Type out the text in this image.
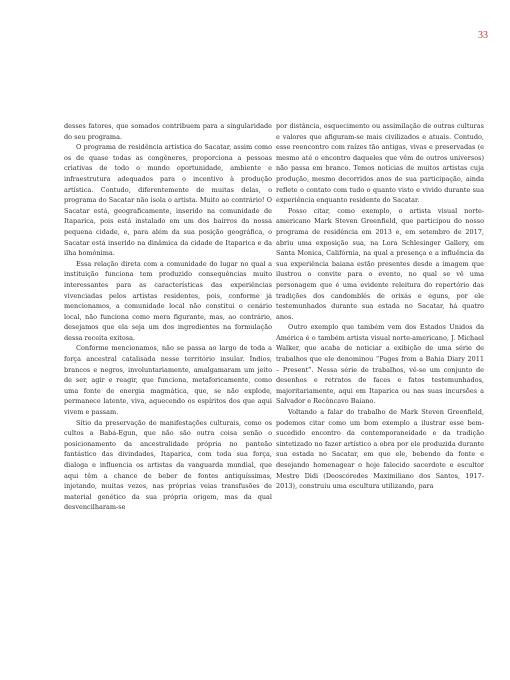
33

desses fatores, que somados contribuem para a singularidade do seu programa.

O programa de residência artística do Sacatar, assim como os de quase todas as congêneres, proporciona a pessoas criativas de todo o mundo oportunidade, ambiente e infraestrutura adequados para o incentivo à produção artística. Contudo, diferentemente de muitas delas, o programa do Sacatar não isola o artista. Muito ao contrário! O Sacatar está, geograficamente, inserido na comunidade de Itaparica, pois está instalado em um dos bairros da nossa pequena cidade, e, para além da sua posição geográfica, o Sacatar está inserido na dinâmica da cidade de Itaparica e da ilha homônima.

Essa relação direta com a comunidade do lugar no qual a instituição funciona tem produzido consequências muito interessantes para as características das experiências vivenciadas pelos artistas residentes, pois, conforme já mencionamos, a comunidade local não constitui o cenário local, não funciona como mera figurante, mas, ao contrário, desejamos que ela seja um dos ingredientes na formulação dessa receita exitosa.

Conforme mencionamos, não se passa ao largo de toda a força ancestral catalisada nesse território insular. Índios, brancos e negros, involuntariamente, amalgamaram um jeito de ser, agir e reagir, que funciona, metaforicamente, como uma fonte de energia magmática, que, se não explode, permanece latente, viva, aquecendo os espíritos dos que aqui vivem e passam.

Sítio da preservação de manifestações culturais, como os cultos a Babá-Egun, que não são outra coisa senão o posicionamento da ancestralidade própria no panteão fantástico das divindades, Itaparica, com toda sua força, dialoga e influencia os artistas da vanguarda mundial, que aqui têm a chance de beber de fontes antiquíssimas, injetando, muitas vezes, nas próprias veias transfusões de material genético da sua própria origem, mas da qual desvencilharam-se

por distância, esquecimento ou assimilação de outras culturas e valores que afiguram-se mais civilizados e atuais. Contudo, esse reencontro com raízes tão antigas, vivas e preservadas (e mesmo até o encontro daqueles que vêm de outros universos) não passa em branco. Temos notícias de muitos artistas cuja produção, mesmo decorridos anos de sua participação, ainda reflete o contato com tudo o quanto visto e vivido durante sua experiência enquanto residente do Sacatar.

Posso citar, como exemplo, o artista visual norte-americano Mark Steven Greenfield, que participou do nosso programa de residência em 2013 e, em setembro de 2017, abriu uma exposição sua, na Lora Schlesinger Gallery, em Santa Monica, Califórnia, na qual a presença e a influência da sua experiência baiana estão presentes desde a imagem que ilustrou o convite para o evento, no qual se vê uma personagem que é uma evidente releitura do repertório das tradições dos candomblés de orixás e eguns, por ele testemunhados durante sua estada no Sacatar, há quatro anos.

Outro exemplo que também vem dos Estados Unidos da América é o também artista visual norte-americano, J. Michael Walker, que acaba de noticiar a exibição de uma série de trabalhos que ele denominou “Pages from a Bahia Diary 2011 – Present”. Nessa série de trabalhos, vê-se um conjunto de desenhos e retratos de faces e fatos testemunhados, majoritariamente, aqui em Itaparica ou nas suas incursões a Salvador e Recôncavo Baiano.

Voltando a falar do trabalho de Mark Steven Greenfield, podemos citar como um bom exemplo a ilustrar esse bem-sucedido encontro da contemporaneidade e da tradição sintetizado no fazer artístico a obra por ele produzida durante sua estada no Sacatar, em que ele, bebendo da fonte e desejando homenagear o hoje falecido sacerdote e escultor Mestre Didi (Deoscóredes Maximiliano dos Santos, 1917-2013), construiu uma escultura utilizando, para
